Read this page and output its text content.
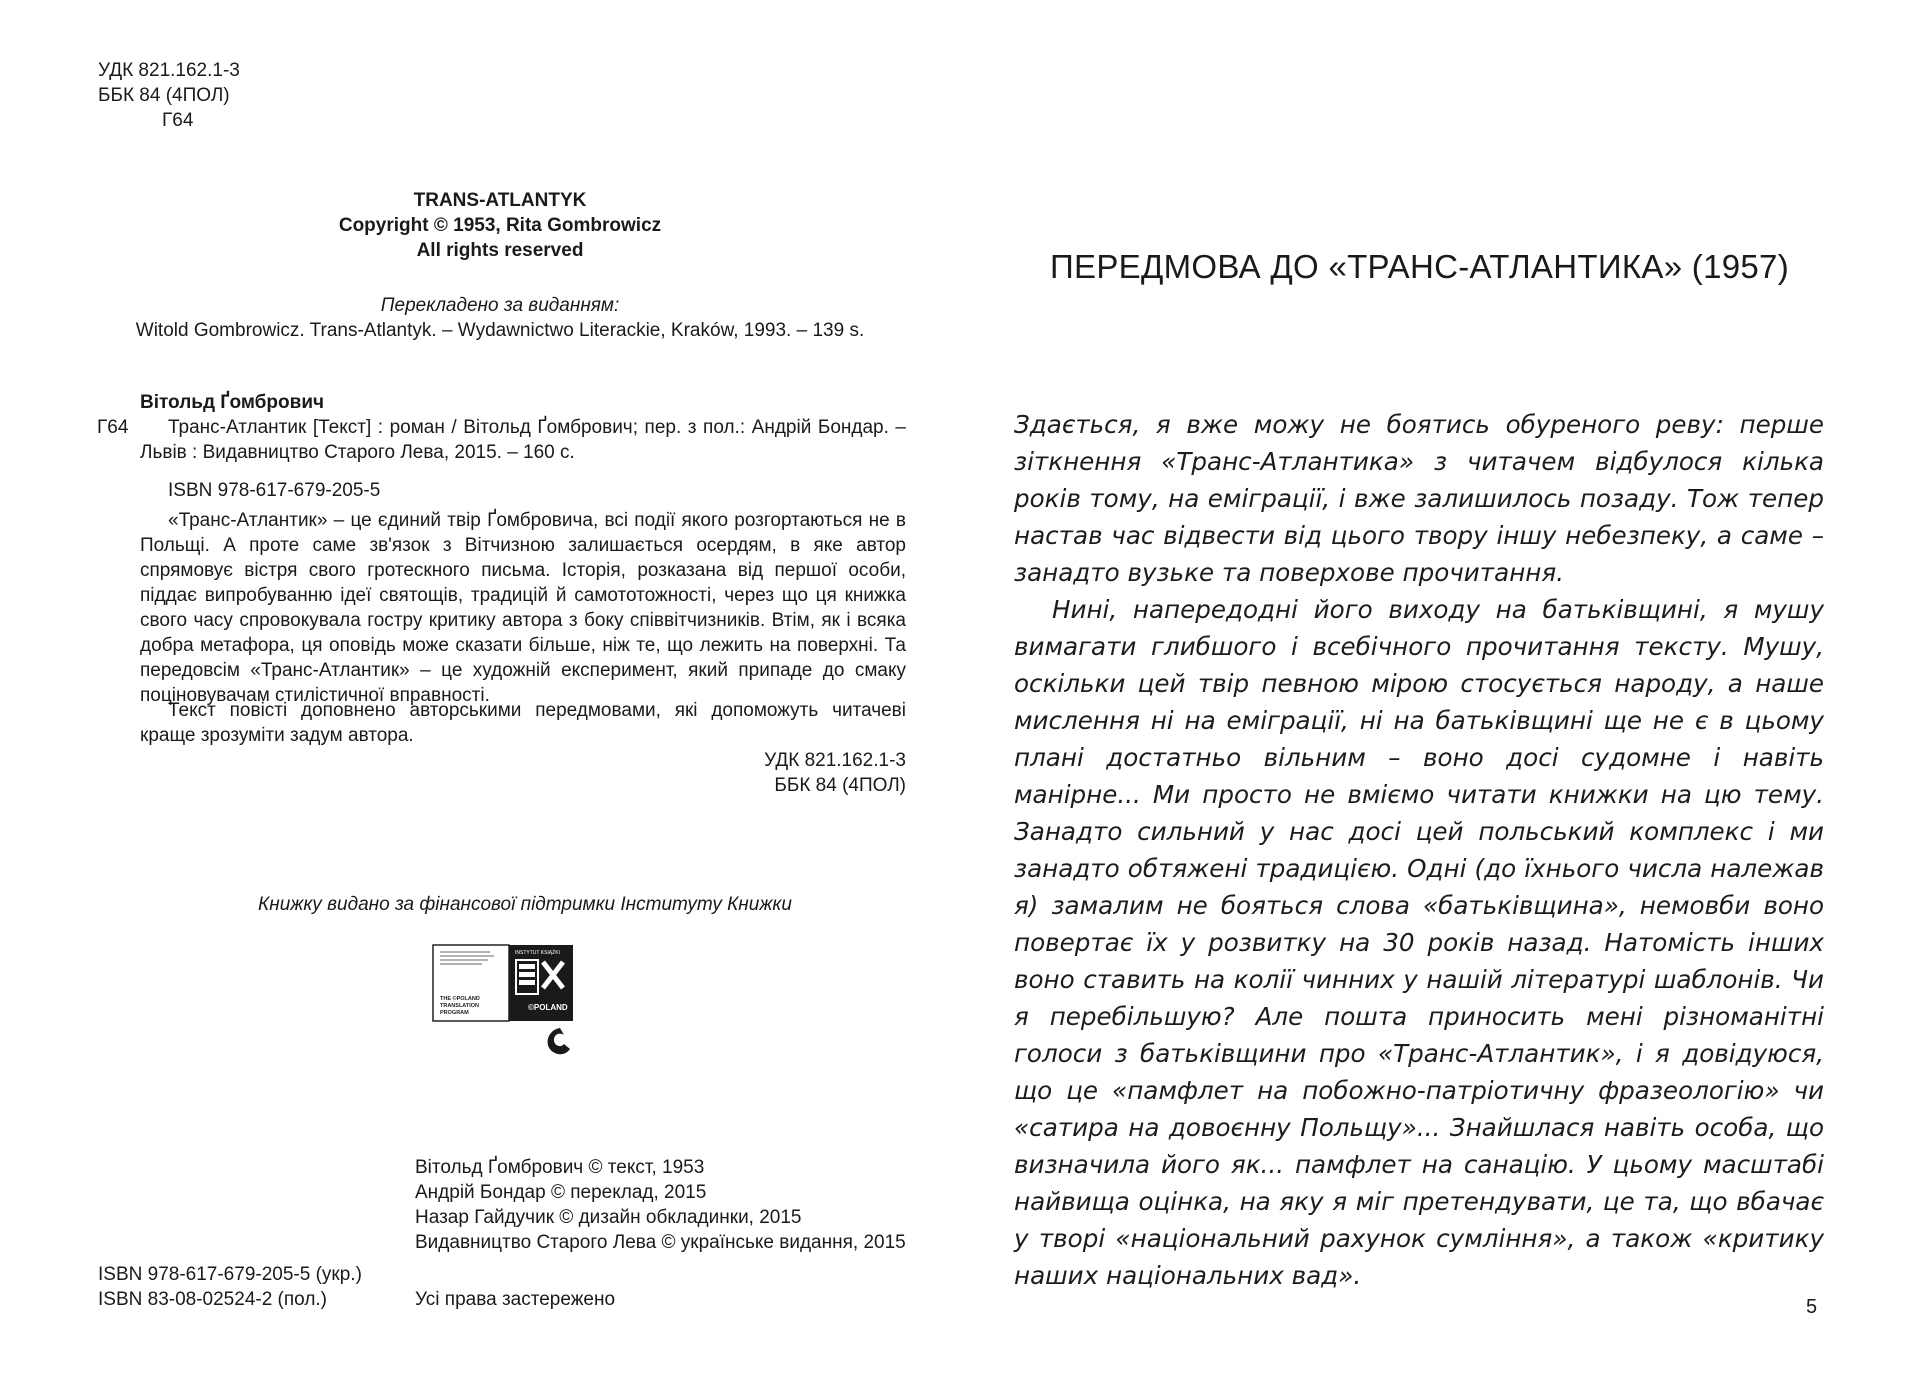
УДК 821.162.1-3
ББК 84 (4ПОЛ)
Г64
TRANS-ATLANTYK
Copyright © 1953, Rita Gombrowicz
All rights reserved
Перекладено за виданням:
Witold Gombrowicz. Trans-Atlantyk. – Wydawnictwo Literackie, Kraków, 1993. – 139 s.
Вітольд Ґомбрович
Г64	Транс-Атлантик [Текст] : роман / Вітольд Ґомбрович; пер. з пол.: Андрій Бондар. – Львів : Видавництво Старого Лева, 2015. – 160 с.
ISBN 978-617-679-205-5
«Транс-Атлантик» – це єдиний твір Ґомбровича, всі події якого розгортаються не в Польщі. А проте саме зв'язок з Вітчизною залишається осердям, в яке автор спрямовує вістря свого гротескного письма. Історія, розказана від першої особи, піддає випробуванню ідеї святощів, традицій й самототожності, через що ця книжка свого часу спровокувала гостру критику автора з боку співвітчизників. Втім, як і всяка добра метафора, ця оповідь може сказати більше, ніж те, що лежить на поверхні. Та передовсім «Транс-Атлантик» – це художній експеримент, який припаде до смаку поціновувачам стилістичної вправності.
Текст повісті доповнено авторськими передмовами, які допоможуть читачеві краще зрозуміти задум автора.
УДК 821.162.1-3
ББК 84 (4ПОЛ)
Книжку видано за фінансової підтримки Інституту Книжки
THE ©POLAND
TRANSLATION
PROGRAM
INSTYTUT KSIĄŻKI
©POLAND
Вітольд Ґомбрович © текст, 1953
Андрій Бондар © переклад, 2015
Назар Гайдучик © дизайн обкладинки, 2015
Видавництво Старого Лева © українське видання, 2015
ISBN 978-617-679-205-5 (укр.)
ISBN 83-08-02524-2 (пол.)	Усі права застережено
ПЕРЕДМОВА ДО «ТРАНС-АТЛАНТИКА» (1957)

Здається, я вже можу не боятись обуреного реву: перше зіткнення «Транс-Атлантика» з читачем відбулося кілька років тому, на еміграції, і вже залишилось позаду. Тож тепер настав час відвести від цього твору іншу небезпеку, а саме – занадто вузьке та поверхове прочитання.

Нині, напередодні його виходу на батьківщині, я мушу вимагати глибшого і всебічного прочитання тексту. Мушу, оскільки цей твір певною мірою стосується народу, а наше мислення ні на еміграції, ні на батьківщині ще не є в цьому плані достатньо вільним – воно досі судомне і навіть манірне... Ми просто не вміємо читати книжки на цю тему. Занадто сильний у нас досі цей польський комплекс і ми занадто обтяжені традицією. Одні (до їхнього числа належав я) замалим не бояться слова «батьківщина», немовби воно повертає їх у розвитку на 30 років назад. Натомість інших воно ставить на колії чинних у нашій літературі шаблонів. Чи я перебільшую? Але пошта приносить мені різноманітні голоси з батьківщини про «Транс-Атлантик», і я довідуюся, що це «памфлет на побожно-патріотичну фразеологію» чи «сатира на довоєнну Польщу»... Знайшлася навіть особа, що визначила його як... памфлет на санацію. У цьому масштабі найвища оцінка, на яку я міг претендувати, це та, що вбачає у творі «національний рахунок сумління», а також «критику наших національних вад».

5
